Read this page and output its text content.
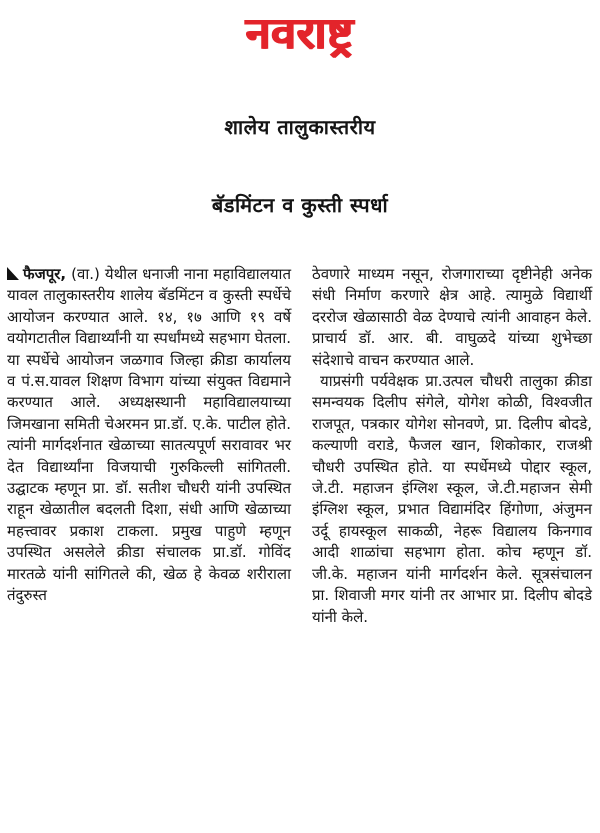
नवराष्ट्र
शालेय तालुकास्तरीय
बॅडमिंटन व कुस्ती स्पर्धा

फैजपूर, (वा.) येथील धनाजी नाना महाविद्यालयात यावल तालुकास्तरीय शालेय बॅडमिंटन व कुस्ती स्पर्धेचे आयोजन करण्यात आले. १४, १७ आणि १९ वर्षे वयोगटातील विद्यार्थ्यांनी या स्पर्धांमध्ये सहभाग घेतला. या स्पर्धेचे आयोजन जळगाव जिल्हा क्रीडा कार्यालय व पं.स.यावल शिक्षण विभाग यांच्या संयुक्त विद्यमाने करण्यात आले. अध्यक्षस्थानी महाविद्यालयाच्या जिमखाना समिती चेअरमन प्रा.डॉ. ए.के. पाटील होते. त्यांनी मार्गदर्शनात खेळाच्या सातत्यपूर्ण सरावावर भर देत विद्यार्थ्यांना विजयाची गुरुकिल्ली सांगितली. उद्घाटक म्हणून प्रा. डॉ. सतीश चौधरी यांनी उपस्थित राहून खेळातील बदलती दिशा, संधी आणि खेळाच्या महत्त्वावर प्रकाश टाकला. प्रमुख पाहुणे म्हणून उपस्थित असलेले क्रीडा संचालक प्रा.डॉ. गोविंद मारतळे यांनी सांगितले की, खेळ हे केवळ शरीराला तंदुरुस्त

ठेवणारे माध्यम नसून, रोजगाराच्या दृष्टीनेही अनेक संधी निर्माण करणारे क्षेत्र आहे. त्यामुळे विद्यार्थी दररोज खेळासाठी वेळ देण्याचे त्यांनी आवाहन केले. प्राचार्य डॉ. आर. बी. वाघुळदे यांच्या शुभेच्छा संदेशाचे वाचन करण्यात आले.

याप्रसंगी पर्यवेक्षक प्रा.उत्पल चौधरी तालुका क्रीडा समन्वयक दिलीप संगेले, योगेश कोळी, विश्वजीत राजपूत, पत्रकार योगेश सोनवणे, प्रा. दिलीप बोदडे, कल्याणी वराडे, फैजल खान, शिकोकार, राजश्री चौधरी उपस्थित होते. या स्पर्धेमध्ये पोद्दार स्कूल, जे.टी. महाजन इंग्लिश स्कूल, जे.टी.महाजन सेमी इंग्लिश स्कूल, प्रभात विद्यामंदिर हिंगोणा, अंजुमन उर्दू हायस्कूल साकळी, नेहरू विद्यालय किनगाव आदी शाळांचा सहभाग होता. कोच म्हणून डॉ. जी.के. महाजन यांनी मार्गदर्शन केले. सूत्रसंचालन प्रा. शिवाजी मगर यांनी तर आभार प्रा. दिलीप बोदडे यांनी केले.
